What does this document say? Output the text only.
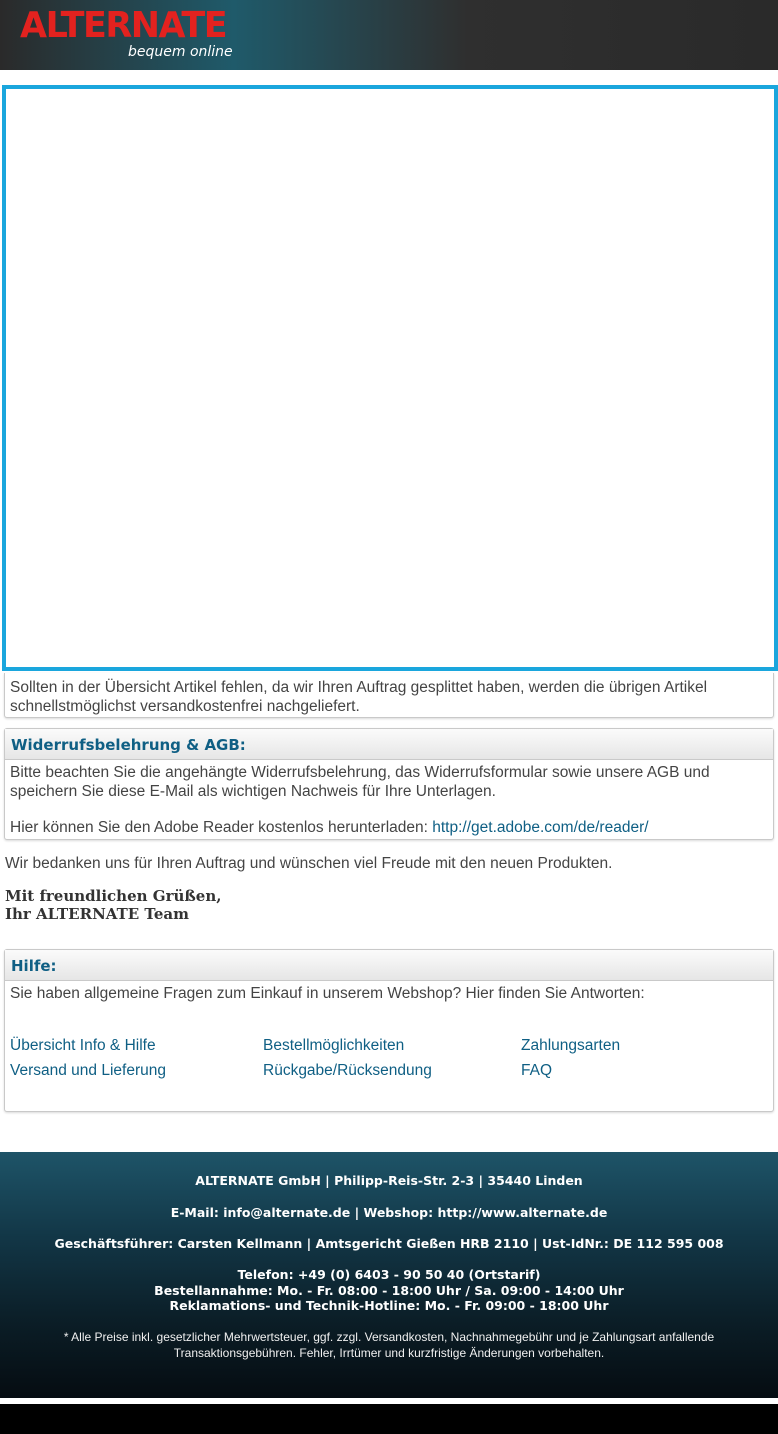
ALTERNATE
bequem online

Sollten in der Übersicht Artikel fehlen, da wir Ihren Auftrag gesplittet haben, werden die übrigen Artikel schnellstmöglichst versandkostenfrei nachgeliefert.

Widerrufsbelehrung & AGB:

Bitte beachten Sie die angehängte Widerrufsbelehrung, das Widerrufsformular sowie unsere AGB und speichern Sie diese E-Mail als wichtigen Nachweis für Ihre Unterlagen.

Hier können Sie den Adobe Reader kostenlos herunterladen: http://get.adobe.com/de/reader/

Wir bedanken uns für Ihren Auftrag und wünschen viel Freude mit den neuen Produkten.
Mit freundlichen Grüßen,
Ihr ALTERNATE Team
Hilfe:

Sie haben allgemeine Fragen zum Einkauf in unserem Webshop? Hier finden Sie Antworten:

Übersicht Info & Hilfe
Versand und Lieferung
Bestellmöglichkeiten
Rückgabe/Rücksendung
Zahlungsarten
FAQ
ALTERNATE GmbH | Philipp-Reis-Str. 2-3 | 35440 Linden
E-Mail: info@alternate.de | Webshop: http://www.alternate.de
Geschäftsführer: Carsten Kellmann | Amtsgericht Gießen HRB 2110 | Ust-IdNr.: DE 112 595 008
Telefon: +49 (0) 6403 - 90 50 40 (Ortstarif)
Bestellannahme: Mo. - Fr. 08:00 - 18:00 Uhr / Sa. 09:00 - 14:00 Uhr
Reklamations- und Technik-Hotline: Mo. - Fr. 09:00 - 18:00 Uhr
* Alle Preise inkl. gesetzlicher Mehrwertsteuer, ggf. zzgl. Versandkosten, Nachnahmegebühr und je Zahlungsart anfallende Transaktionsgebühren. Fehler, Irrtümer und kurzfristige Änderungen vorbehalten.
